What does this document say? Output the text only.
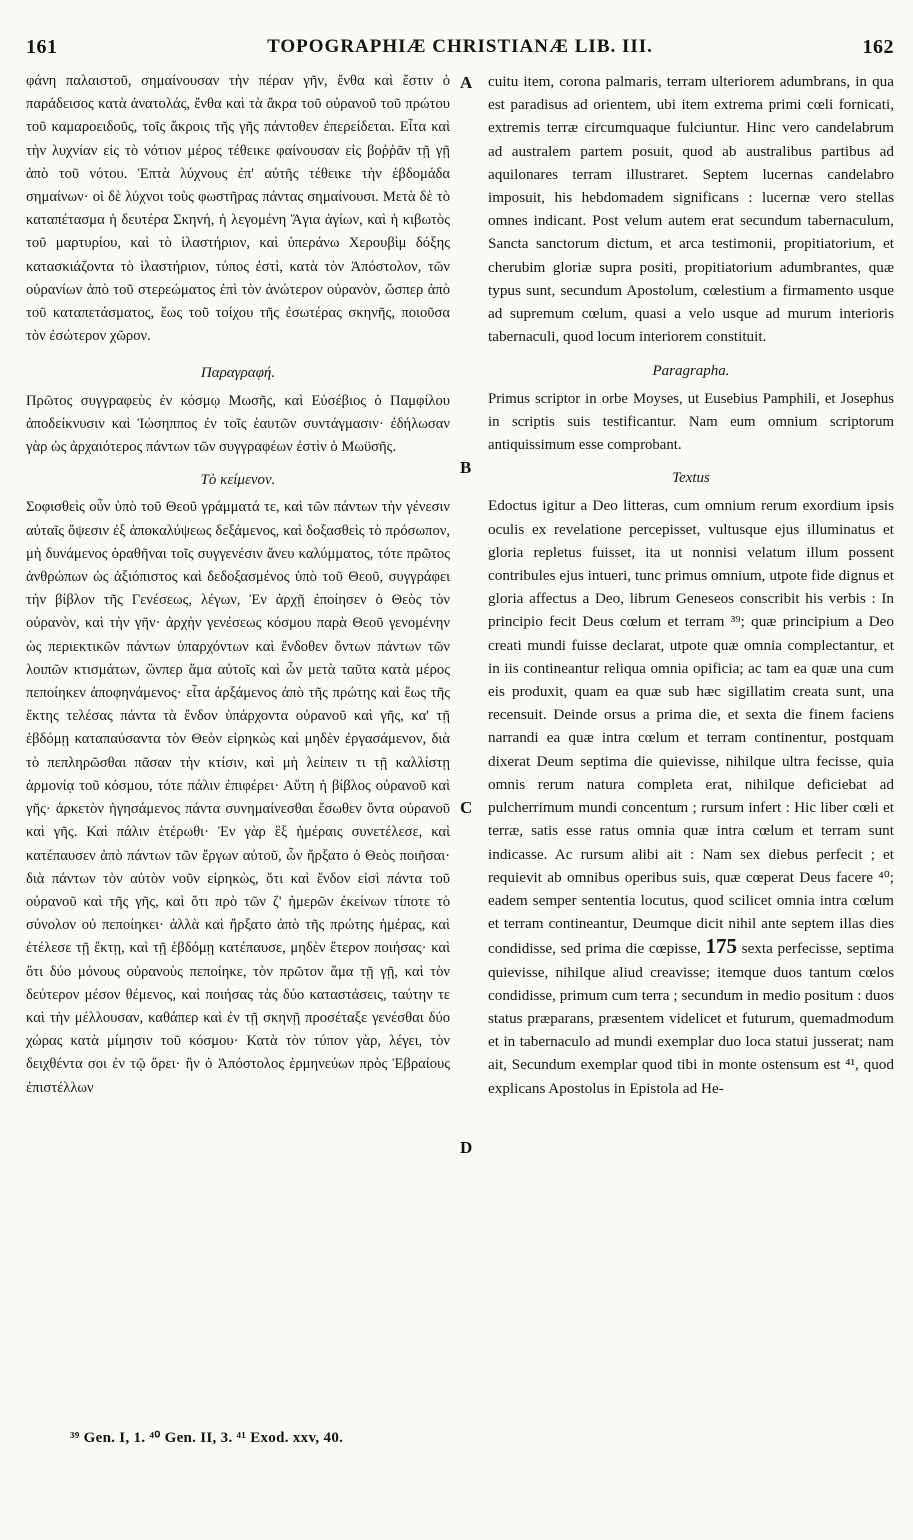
161	TOPOGRAPHIÆ CHRISTIANÆ LIB. III.	162

φάνη παλαιστοῦ, σημαίνουσαν τὴν πέραν γῆν, ἔνθα καὶ ἔστιν ὁ παράδεισος κατὰ ἀνατολάς, ἔνθα καὶ τὰ ἄκρα τοῦ οὐρανοῦ τοῦ πρώτου τοῦ καμαροειδοῦς, τοῖς ἄκροις τῆς γῆς πάντοθεν ἐπερείδεται. Εἶτα καὶ τὴν λυχνίαν εἰς τὸ νότιον μέρος τέθεικε φαίνουσαν εἰς βοῤῥᾶν τῇ γῇ ἀπὸ τοῦ νότου. Ἑπτὰ λύχνους ἐπ' αὐτῆς τέθεικε τὴν ἑβδομάδα σημαίνων· οἱ δὲ λύχνοι τοὺς φωστῆρας πάντας σημαίνουσι. Μετὰ δὲ τὸ καταπέτασμα ἡ δευτέρα Σκηνή, ἡ λεγομένη Ἅγια ἁγίων, καὶ ἡ κιβωτὸς τοῦ μαρτυρίου, καὶ τὸ ἱλαστήριον, καὶ ὑπεράνω Χερουβὶμ δόξης κατασκιάζοντα τὸ ἱλαστήριον, τύπος ἐστὶ, κατὰ τὸν Ἀπόστολον, τῶν οὐρανίων ἀπὸ τοῦ στερεώματος ἐπὶ τὸν ἀνώτερον οὐρανὸν, ὥσπερ ἀπὸ τοῦ καταπετάσματος, ἕως τοῦ τοίχου τῆς ἐσωτέρας σκηνῆς, ποιοῦσα τὸν ἐσώτερον χῶρον.

Παραγραφή.

Πρῶτος συγγραφεὺς ἐν κόσμῳ Μωσῆς, καὶ Εὐσέβιος ὁ Παμφίλου ἀποδείκνυσιν καὶ Ἰώσηππος ἐν τοῖς ἑαυτῶν συντάγμασιν· ἐδήλωσαν γὰρ ὡς ἀρχαιότερος πάντων τῶν συγγραφέων ἐστὶν ὁ Μωϋσῆς.

Τὸ κείμενον.

Σοφισθεὶς οὖν ὑπὸ τοῦ Θεοῦ γράμματά τε, καὶ τῶν πάντων τὴν γένεσιν αὐταῖς ὄψεσιν ἐξ ἀποκαλύψεως δεξάμενος, καὶ δοξασθεὶς τὸ πρόσωπον, μὴ δυνάμενος ὁραθῆναι τοῖς συγγενέσιν ἄνευ καλύμματος, τότε πρῶτος ἀνθρώπων ὡς ἀξιόπιστος καὶ δεδοξασμένος ὑπὸ τοῦ Θεοῦ, συγγράφει τὴν βίβλον τῆς Γενέσεως, λέγων, Ἐν ἀρχῇ ἐποίησεν ὁ Θεὸς τὸν οὐρανὸν, καὶ τὴν γῆν· ἀρχὴν γενέσεως κόσμου παρὰ Θεοῦ γενομένην ὡς περιεκτικῶν πάντων ὑπαρχόντων καὶ ἔνδοθεν ὄντων πάντων τῶν λοιπῶν κτισμάτων, ὥνπερ ἅμα αὐτοῖς καὶ ὧν μετὰ ταῦτα κατὰ μέρος πεποίηκεν ἀποφηνάμενος· εἶτα ἀρξάμενος ἀπὸ τῆς πρώτης καὶ ἕως τῆς ἕκτης τελέσας πάντα τὰ ἔνδον ὑπάρχοντα οὐρανοῦ καὶ γῆς, κα' τῇ ἑβδόμῃ καταπαύσαντα τὸν Θεὸν εἰρηκὼς καὶ μηδὲν ἐργασάμενον, διὰ τὸ πεπληρῶσθαι πᾶσαν τὴν κτίσιν, καὶ μὴ λείπειν τι τῇ καλλίστῃ ἁρμονίᾳ τοῦ κόσμου, τότε πάλιν ἐπιφέρει· Αὕτη ἡ βίβλος οὐρανοῦ καὶ γῆς· ἀρκετὸν ἡγησάμενος πάντα συνημαίνεσθαι ἔσωθεν ὄντα οὐρανοῦ καὶ γῆς. Καὶ πάλιν ἑτέρωθι· Ἐν γὰρ ἓξ ἡμέραις συνετέλεσε, καὶ κατέπαυσεν ἀπὸ πάντων τῶν ἔργων αὐτοῦ, ὧν ἤρξατο ὁ Θεὸς ποιῆσαι· διὰ πάντων τὸν αὐτὸν νοῦν εἰρηκὼς, ὅτι καὶ ἔνδον εἰσὶ πάντα τοῦ οὐρανοῦ καὶ τῆς γῆς, καὶ ὅτι πρὸ τῶν ζ' ἡμερῶν ἐκείνων τίποτε τὸ σύνολον οὐ πεποίηκει· ἀλλὰ καὶ ἤρξατο ἀπὸ τῆς πρώτης ἡμέρας, καὶ ἐτέλεσε τῇ ἕκτῃ, καὶ τῇ ἑβδόμῃ κατέπαυσε, μηδὲν ἕτερον ποιήσας· καὶ ὅτι δύο μόνους οὐρανοὺς πεποίηκε, τὸν πρῶτον ἅμα τῇ γῇ, καὶ τὸν δεύτερον μέσον θέμενος, καὶ ποιήσας τὰς δύο καταστάσεις, ταύτην τε καὶ τὴν μέλλουσαν, καθάπερ καὶ ἐν τῇ σκηνῇ προσέταξε γενέσθαι δύο χώρας κατὰ μίμησιν τοῦ κόσμου· Κατὰ τὸν τύπον γὰρ, λέγει, τὸν δειχθέντα σοι ἐν τῷ ὄρει· ἣν ὁ Ἀπόστολος ἑρμηνεύων πρὸς Ἑβραίους ἐπιστέλλων

A
B
C
D

cuitu item, corona palmaris, terram ulteriorem adumbrans, in qua est paradisus ad orientem, ubi item extrema primi cœli fornicati, extremis terræ circumquaque fulciuntur. Hinc vero candelabrum ad australem partem posuit, quod ab australibus partibus ad aquilonares terram illustraret. Septem lucernas candelabro imposuit, his hebdomadem significans : lucernæ vero stellas omnes indicant. Post velum autem erat secundum tabernaculum, Sancta sanctorum dictum, et arca testimonii, propitiatorium, et cherubim gloriæ supra positi, propitiatorium adumbrantes, quæ typus sunt, secundum Apostolum, cœlestium a firmamento usque ad supremum cœlum, quasi a velo usque ad murum interioris tabernaculi, quod locum interiorem constituit.

Paragrapha.

Primus scriptor in orbe Moyses, ut Eusebius Pamphili, et Josephus in scriptis suis testificantur. Nam eum omnium scriptorum antiquissimum esse comprobant.

Textus

Edoctus igitur a Deo litteras, cum omnium rerum exordium ipsis oculis ex revelatione percepisset, vultusque ejus illuminatus et gloria repletus fuisset, ita ut nonnisi velatum illum possent contribules ejus intueri, tunc primus omnium, utpote fide dignus et gloria affectus a Deo, librum Geneseos conscribit his verbis : In principio fecit Deus cœlum et terram ³⁹; quæ principium a Deo creati mundi fuisse declarat, utpote quæ omnia complectantur, et in iis contineantur reliqua omnia opificia; ac tam ea quæ una cum eis produxit, quam ea quæ sub hæc sigillatim creata sunt, una recensuit. Deinde orsus a prima die, et sexta die finem faciens narrandi ea quæ intra cœlum et terram continentur, postquam dixerat Deum septima die quievisse, nihilque ultra fecisse, quia omnis rerum natura completa erat, nihilque deficiebat ad pulcherrimum mundi concentum ; rursum infert : Hic liber cœli et terræ, satis esse ratus omnia quæ intra cœlum et terram sunt indicasse. Ac rursum alibi ait : Nam sex diebus perfecit ; et requievit ab omnibus operibus suis, quæ cœperat Deus facere ⁴⁰; eadem semper sententia locutus, quod scilicet omnia intra cœlum et terram contineantur, Deumque dicit nihil ante septem illas dies condidisse, sed prima die cœpisse, 175 sexta perfecisse, septima quievisse, nihilque aliud creavisse; itemque duos tantum cœlos condidisse, primum cum terra ; secundum in medio positum : duos status præparans, præsentem videlicet et futurum, quemadmodum et in tabernaculo ad mundi exemplar duo loca statui jusserat; nam ait, Secundum exemplar quod tibi in monte ostensum est ⁴¹, quod explicans Apostolus in Epistola ad He-

³⁹ Gen. I, 1. ⁴⁰ Gen. II, 3. ⁴¹ Exod. xxv, 40.
